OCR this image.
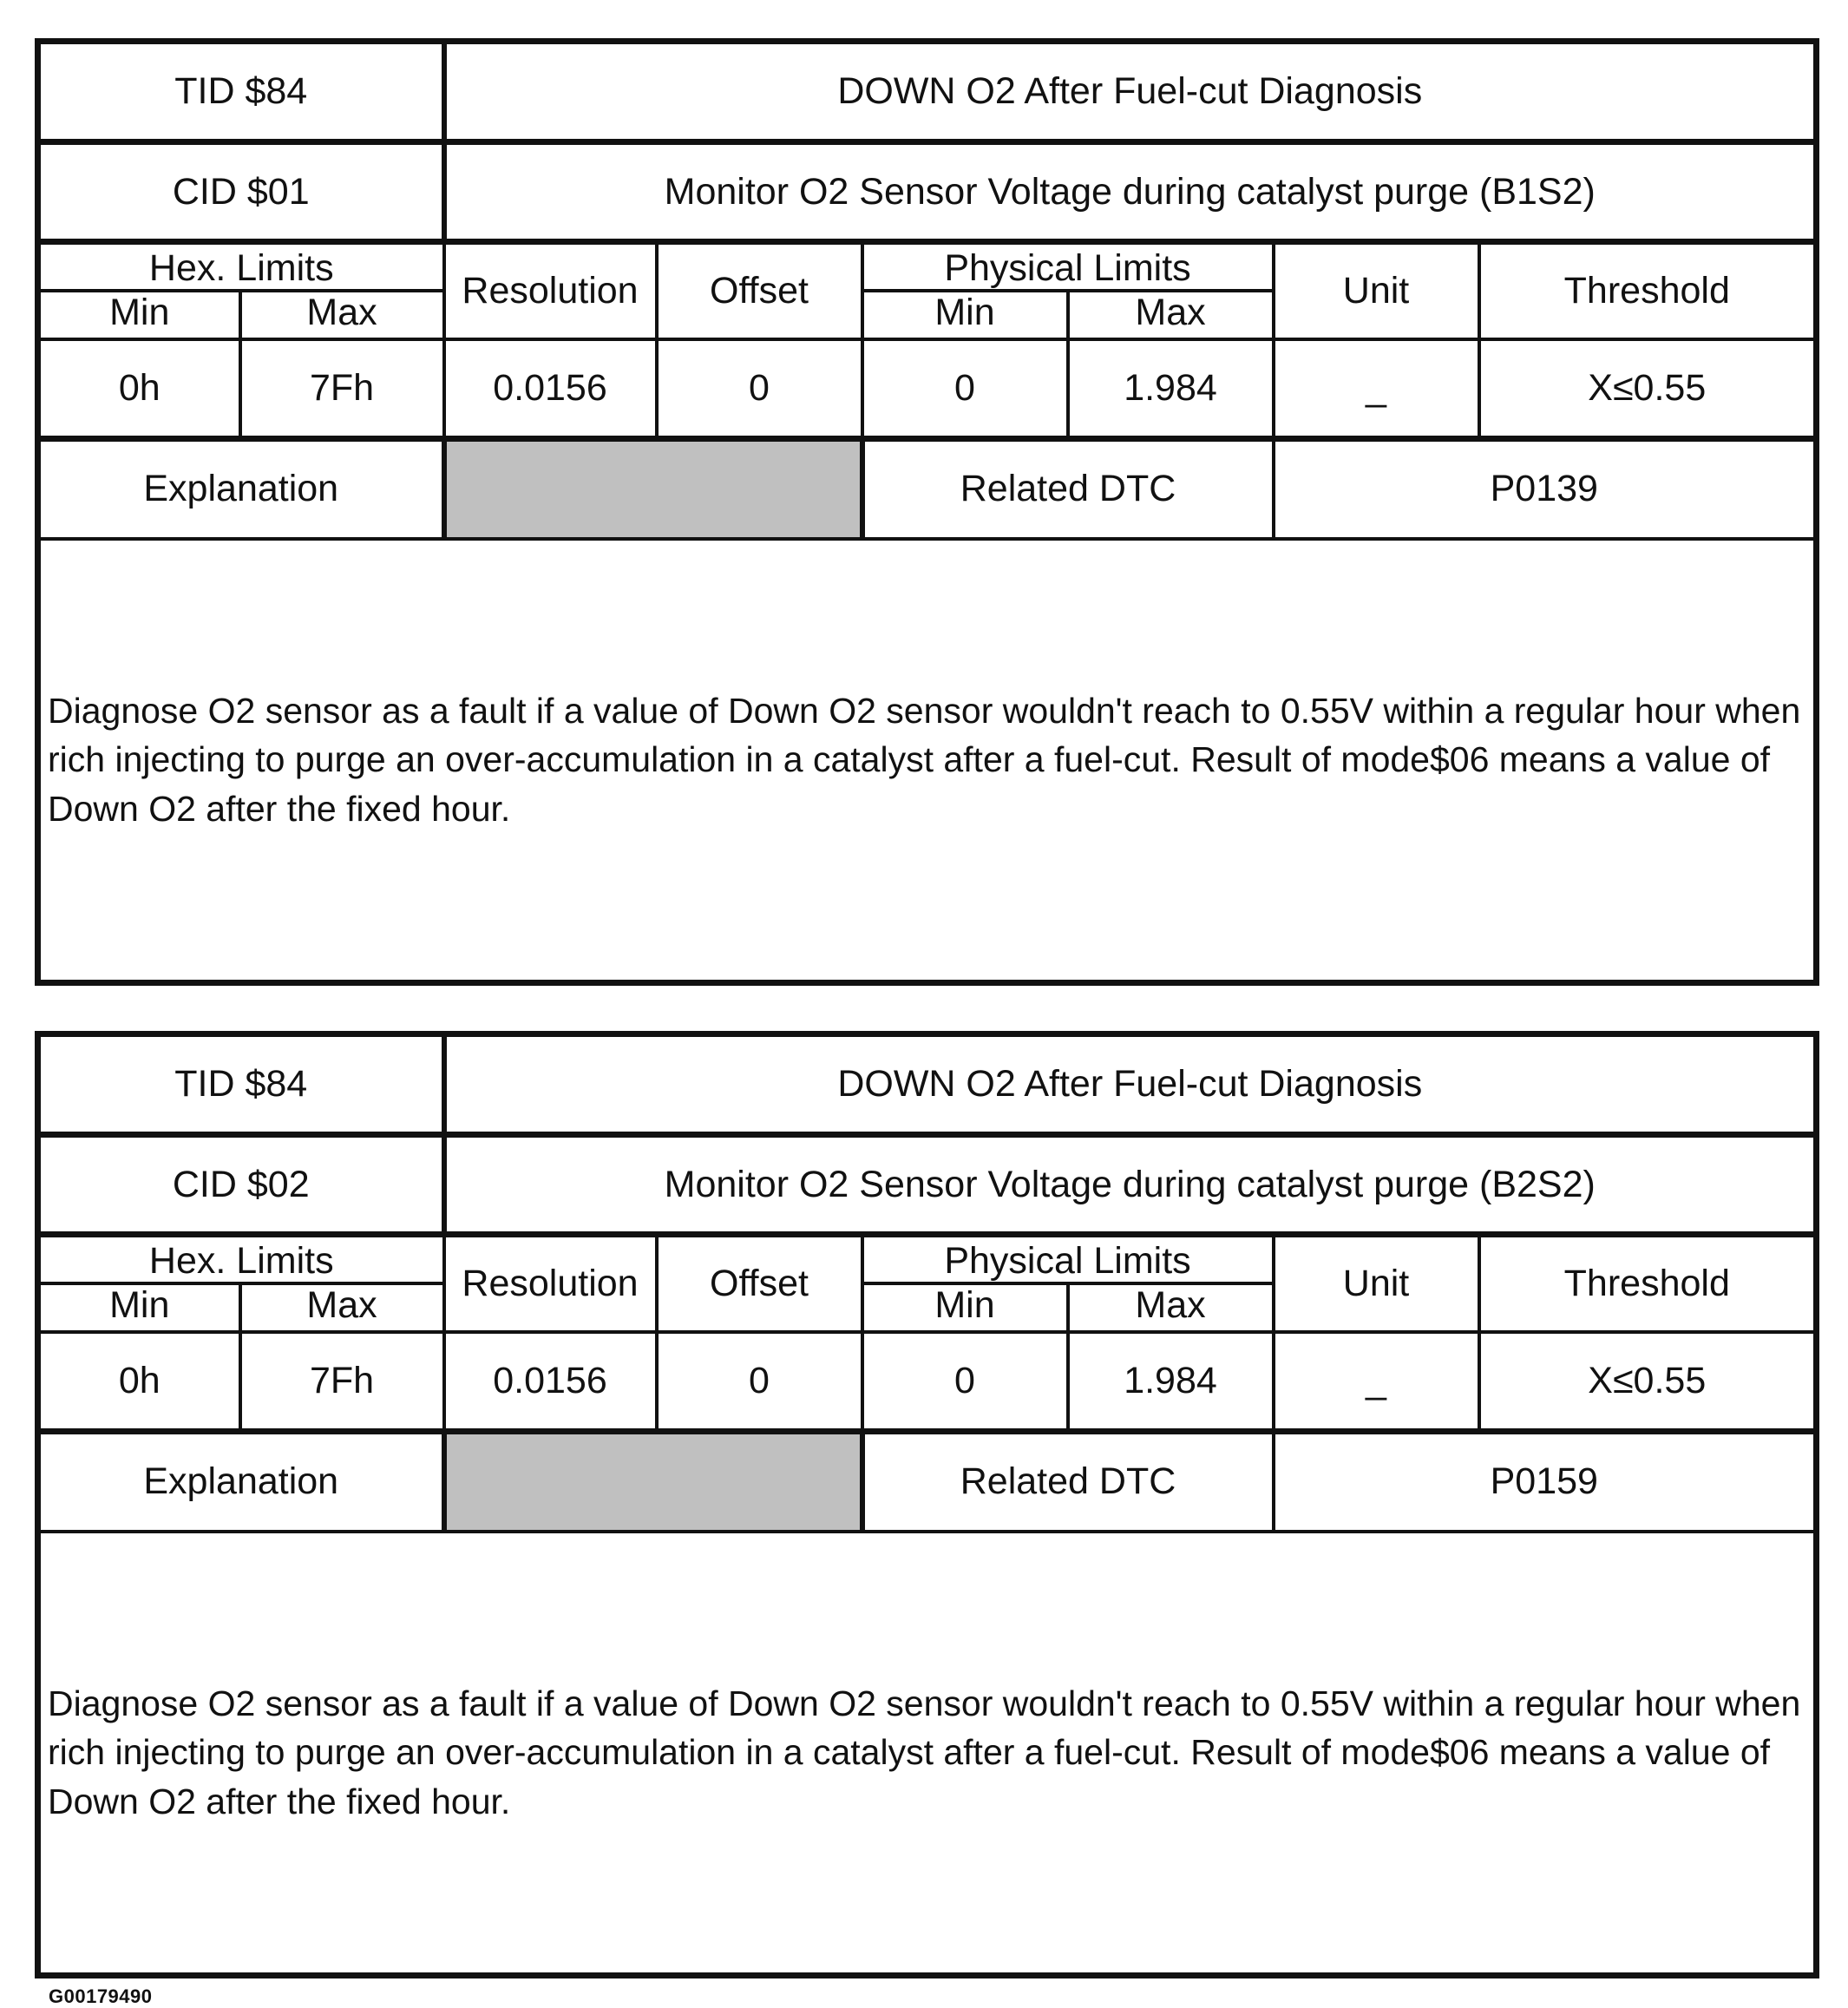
TID $84		DOWN O2 After Fuel-cut Diagnosis					
CID $01		Monitor O2 Sensor Voltage during catalyst purge (B1S2)					
Hex. Limits		Resolution	Offset	Physical Limits		Unit	Threshold
Min	Max			Min	Max		
0h	7Fh	0.0156	0	0	1.984	_	X≤0.55
Explanation				Related DTC		P0139	
Diagnose O2 sensor as a fault if a value of Down O2 sensor wouldn't reach to 0.55V within a regular hour when rich injecting to purge an over-accumulation in a catalyst after a fuel-cut. Result of mode$06 means a value of Down O2 after the fixed hour.							
TID $84		DOWN O2 After Fuel-cut Diagnosis					
CID $02		Monitor O2 Sensor Voltage during catalyst purge (B2S2)					
Hex. Limits		Resolution	Offset	Physical Limits		Unit	Threshold
Min	Max			Min	Max		
0h	7Fh	0.0156	0	0	1.984	_	X≤0.55
Explanation				Related DTC		P0159	
Diagnose O2 sensor as a fault if a value of Down O2 sensor wouldn't reach to 0.55V within a regular hour when rich injecting to purge an over-accumulation in a catalyst after a fuel-cut. Result of mode$06 means a value of Down O2 after the fixed hour.							
G00179490
